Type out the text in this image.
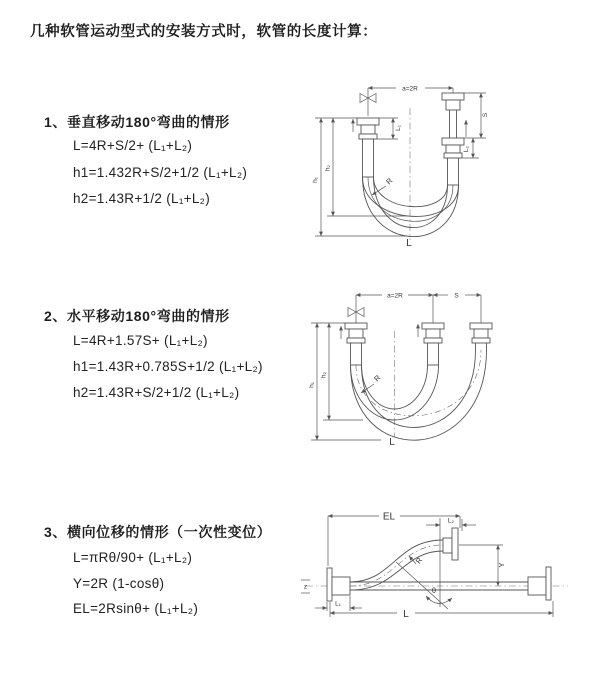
几种软管运动型式的安装方式时，软管的长度计算：
1、垂直移动180°弯曲的情形
L=4R+S/2+ (L₁+L₂)
h1=1.432R+S/2+1/2 (L₁+L₂)
h2=1.43R+1/2 (L₁+L₂)
2、水平移动180°弯曲的情形
L=4R+1.57S+ (L₁+L₂)
h1=1.43R+0.785S+1/2 (L₁+L₂)
h2=1.43R+S/2+1/2 (L₁+L₂)
3、横向位移的情形（一次性变位）
L=πRθ/90+ (L₁+L₂)
Y=2R (1-cosθ)
EL=2Rsinθ+ (L₁+L₂)
a=2R
h₁
h₂
L₁
S
L₂
R
L
a=2R	S
h₁
h₂	R
L
z
EL	L₂
θ
Y
L
L₁
R
